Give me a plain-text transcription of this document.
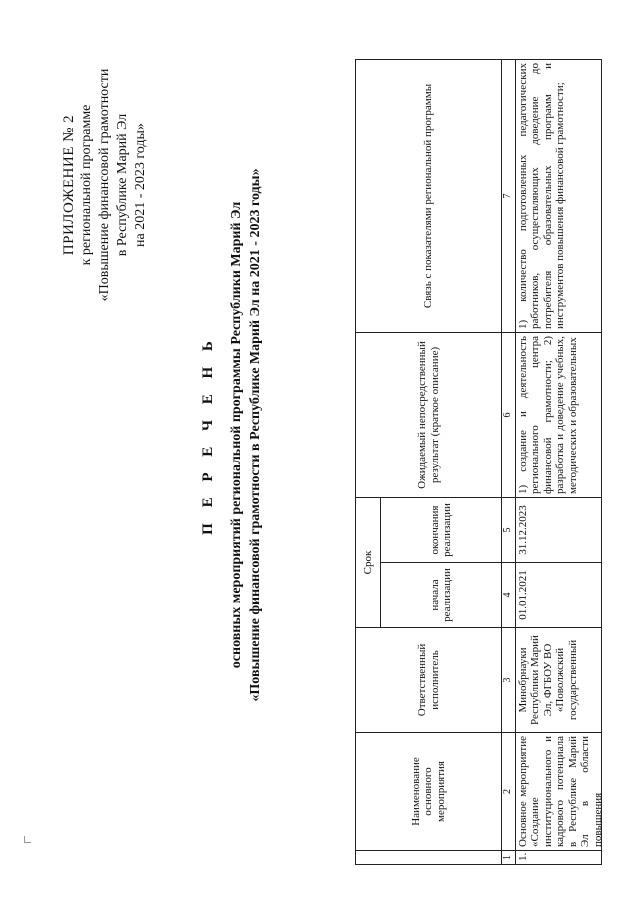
ПРИЛОЖЕНИЕ № 2 к региональной программе «Повышение финансовой грамотности в Республике Марий Эл на 2021 - 2023 годы»
П Е Р Е Ч Е Н Ь основных мероприятий региональной программы Республики Марий Эл «Повышение финансовой грамотности в Республике Марий Эл на 2021 - 2023 годы»
	Наименование основного мероприятия	Ответственный исполнитель	Срок		Ожидаемый непосредственный результат (краткое описание)	Связь с показателями региональной программы
			начала реализации	окончания реализации		
1	2	3	4	5	6	7
1.	Основное мероприятие «Создание институционального и кадрового потенциала в Республике Марий Эл в области повышения	Минобрнауки Республики Марий Эл, ФГБОУ ВО «Поволжский государственный	01.01.2021	31.12.2023	1) создание и деятельность регионального центра финансовой грамотности; 2) разработка и доведение учебных, методических и образовательных	1) количество подготовленных педагогических работников, осуществляющих доведение до потребителя образовательных программ и инструментов повышения финансовой грамотности;
